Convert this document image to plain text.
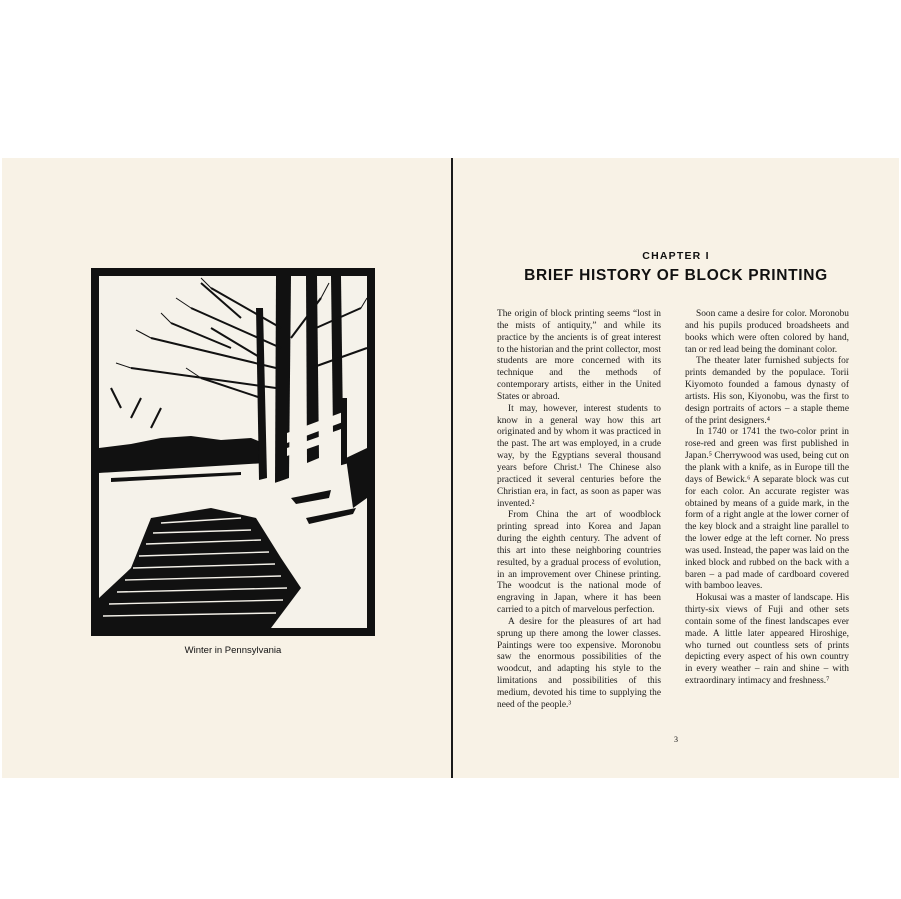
Winter in Pennsylvania
CHAPTER I
BRIEF HISTORY OF BLOCK PRINTING

The origin of block printing seems “lost in the mists of antiquity,” and while its practice by the ancients is of great interest to the historian and the print collector, most students are more concerned with its technique and the methods of contemporary artists, either in the United States or abroad.

It may, however, interest students to know in a general way how this art originated and by whom it was practiced in the past. The art was employed, in a crude way, by the Egyptians several thousand years before Christ.¹ The Chinese also practiced it several centuries before the Christian era, in fact, as soon as paper was invented.²

From China the art of woodblock printing spread into Korea and Japan during the eighth century. The advent of this art into these neighboring countries resulted, by a gradual process of evolution, in an improvement over Chinese printing. The woodcut is the national mode of engraving in Japan, where it has been carried to a pitch of marvelous perfection.

A desire for the pleasures of art had sprung up there among the lower classes. Paintings were too expensive. Moronobu saw the enormous possibilities of the woodcut, and adapting his style to the limitations and possibilities of this medium, devoted his time to supplying the need of the people.³

Soon came a desire for color. Moronobu and his pupils produced broadsheets and books which were often colored by hand, tan or red lead being the dominant color.

The theater later furnished subjects for prints demanded by the populace. Torii Kiyomoto founded a famous dynasty of artists. His son, Kiyonobu, was the first to design portraits of actors – a staple theme of the print designers.⁴

In 1740 or 1741 the two-color print in rose-red and green was first published in Japan.⁵ Cherrywood was used, being cut on the plank with a knife, as in Europe till the days of Bewick.⁶ A separate block was cut for each color. An accurate register was obtained by means of a guide mark, in the form of a right angle at the lower corner of the key block and a straight line parallel to the lower edge at the left corner. No press was used. Instead, the paper was laid on the inked block and rubbed on the back with a baren – a pad made of cardboard covered with bamboo leaves.

Hokusai was a master of landscape. His thirty-six views of Fuji and other sets contain some of the finest landscapes ever made. A little later appeared Hiroshige, who turned out countless sets of prints depicting every aspect of his own country in every weather – rain and shine – with extraordinary intimacy and freshness.⁷

3
